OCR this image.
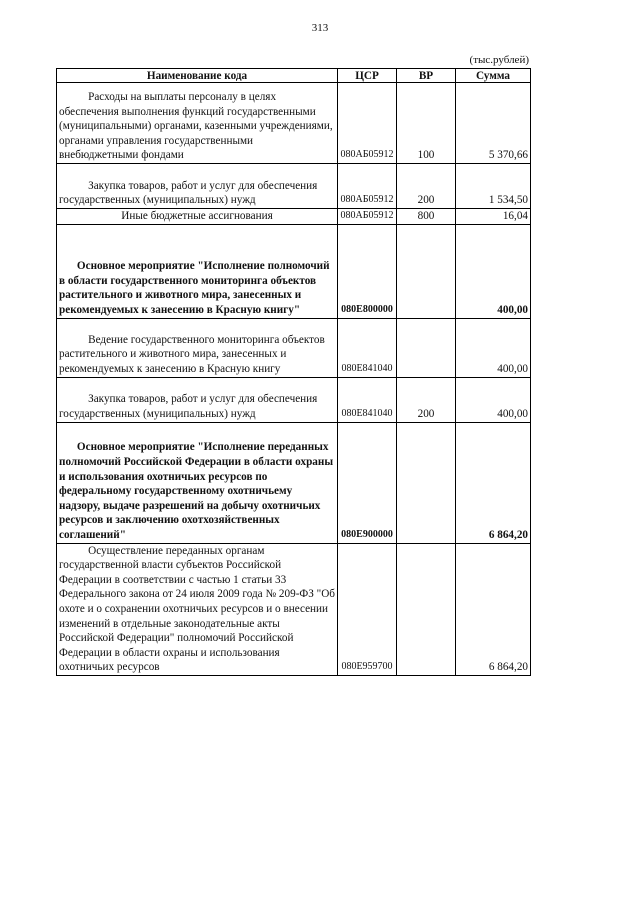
313
(тыс.рублей)
Наименование кода	ЦСР	ВР	Сумма
Расходы на выплаты персоналу в целях обеспечения выполнения функций государственными (муниципальными) органами, казенными учреждениями, органами управления государственными внебюджетными фондами	080АБ05912	100	5 370,66
Закупка товаров, работ и услуг для обеспечения государственных (муниципальных) нужд	080АБ05912	200	1 534,50
Иные бюджетные ассигнования	080АБ05912	800	16,04
Основное мероприятие "Исполнение полномочий в области государственного мониторинга объектов растительного и животного мира, занесенных и рекомендуемых к занесению в Красную книгу"	080Е800000		400,00
Ведение государственного мониторинга объектов растительного и животного мира, занесенных и рекомендуемых к занесению в Красную книгу	080Е841040		400,00
Закупка товаров, работ и услуг для обеспечения государственных (муниципальных) нужд	080Е841040	200	400,00
Основное мероприятие "Исполнение переданных полномочий Российской Федерации в области охраны и использования охотничьих ресурсов по федеральному государственному охотничьему надзору, выдаче разрешений на добычу охотничьих ресурсов и заключению охотхозяйственных соглашений"	080Е900000		6 864,20
Осуществление переданных органам государственной власти субъектов Российской Федерации в соответствии с частью 1 статьи 33 Федерального закона от 24 июля 2009 года № 209-ФЗ "Об охоте и о сохранении охотничьих ресурсов и о внесении изменений в отдельные законодательные акты Российской Федерации" полномочий Российской Федерации в области охраны и использования охотничьих ресурсов	080Е959700		6 864,20
